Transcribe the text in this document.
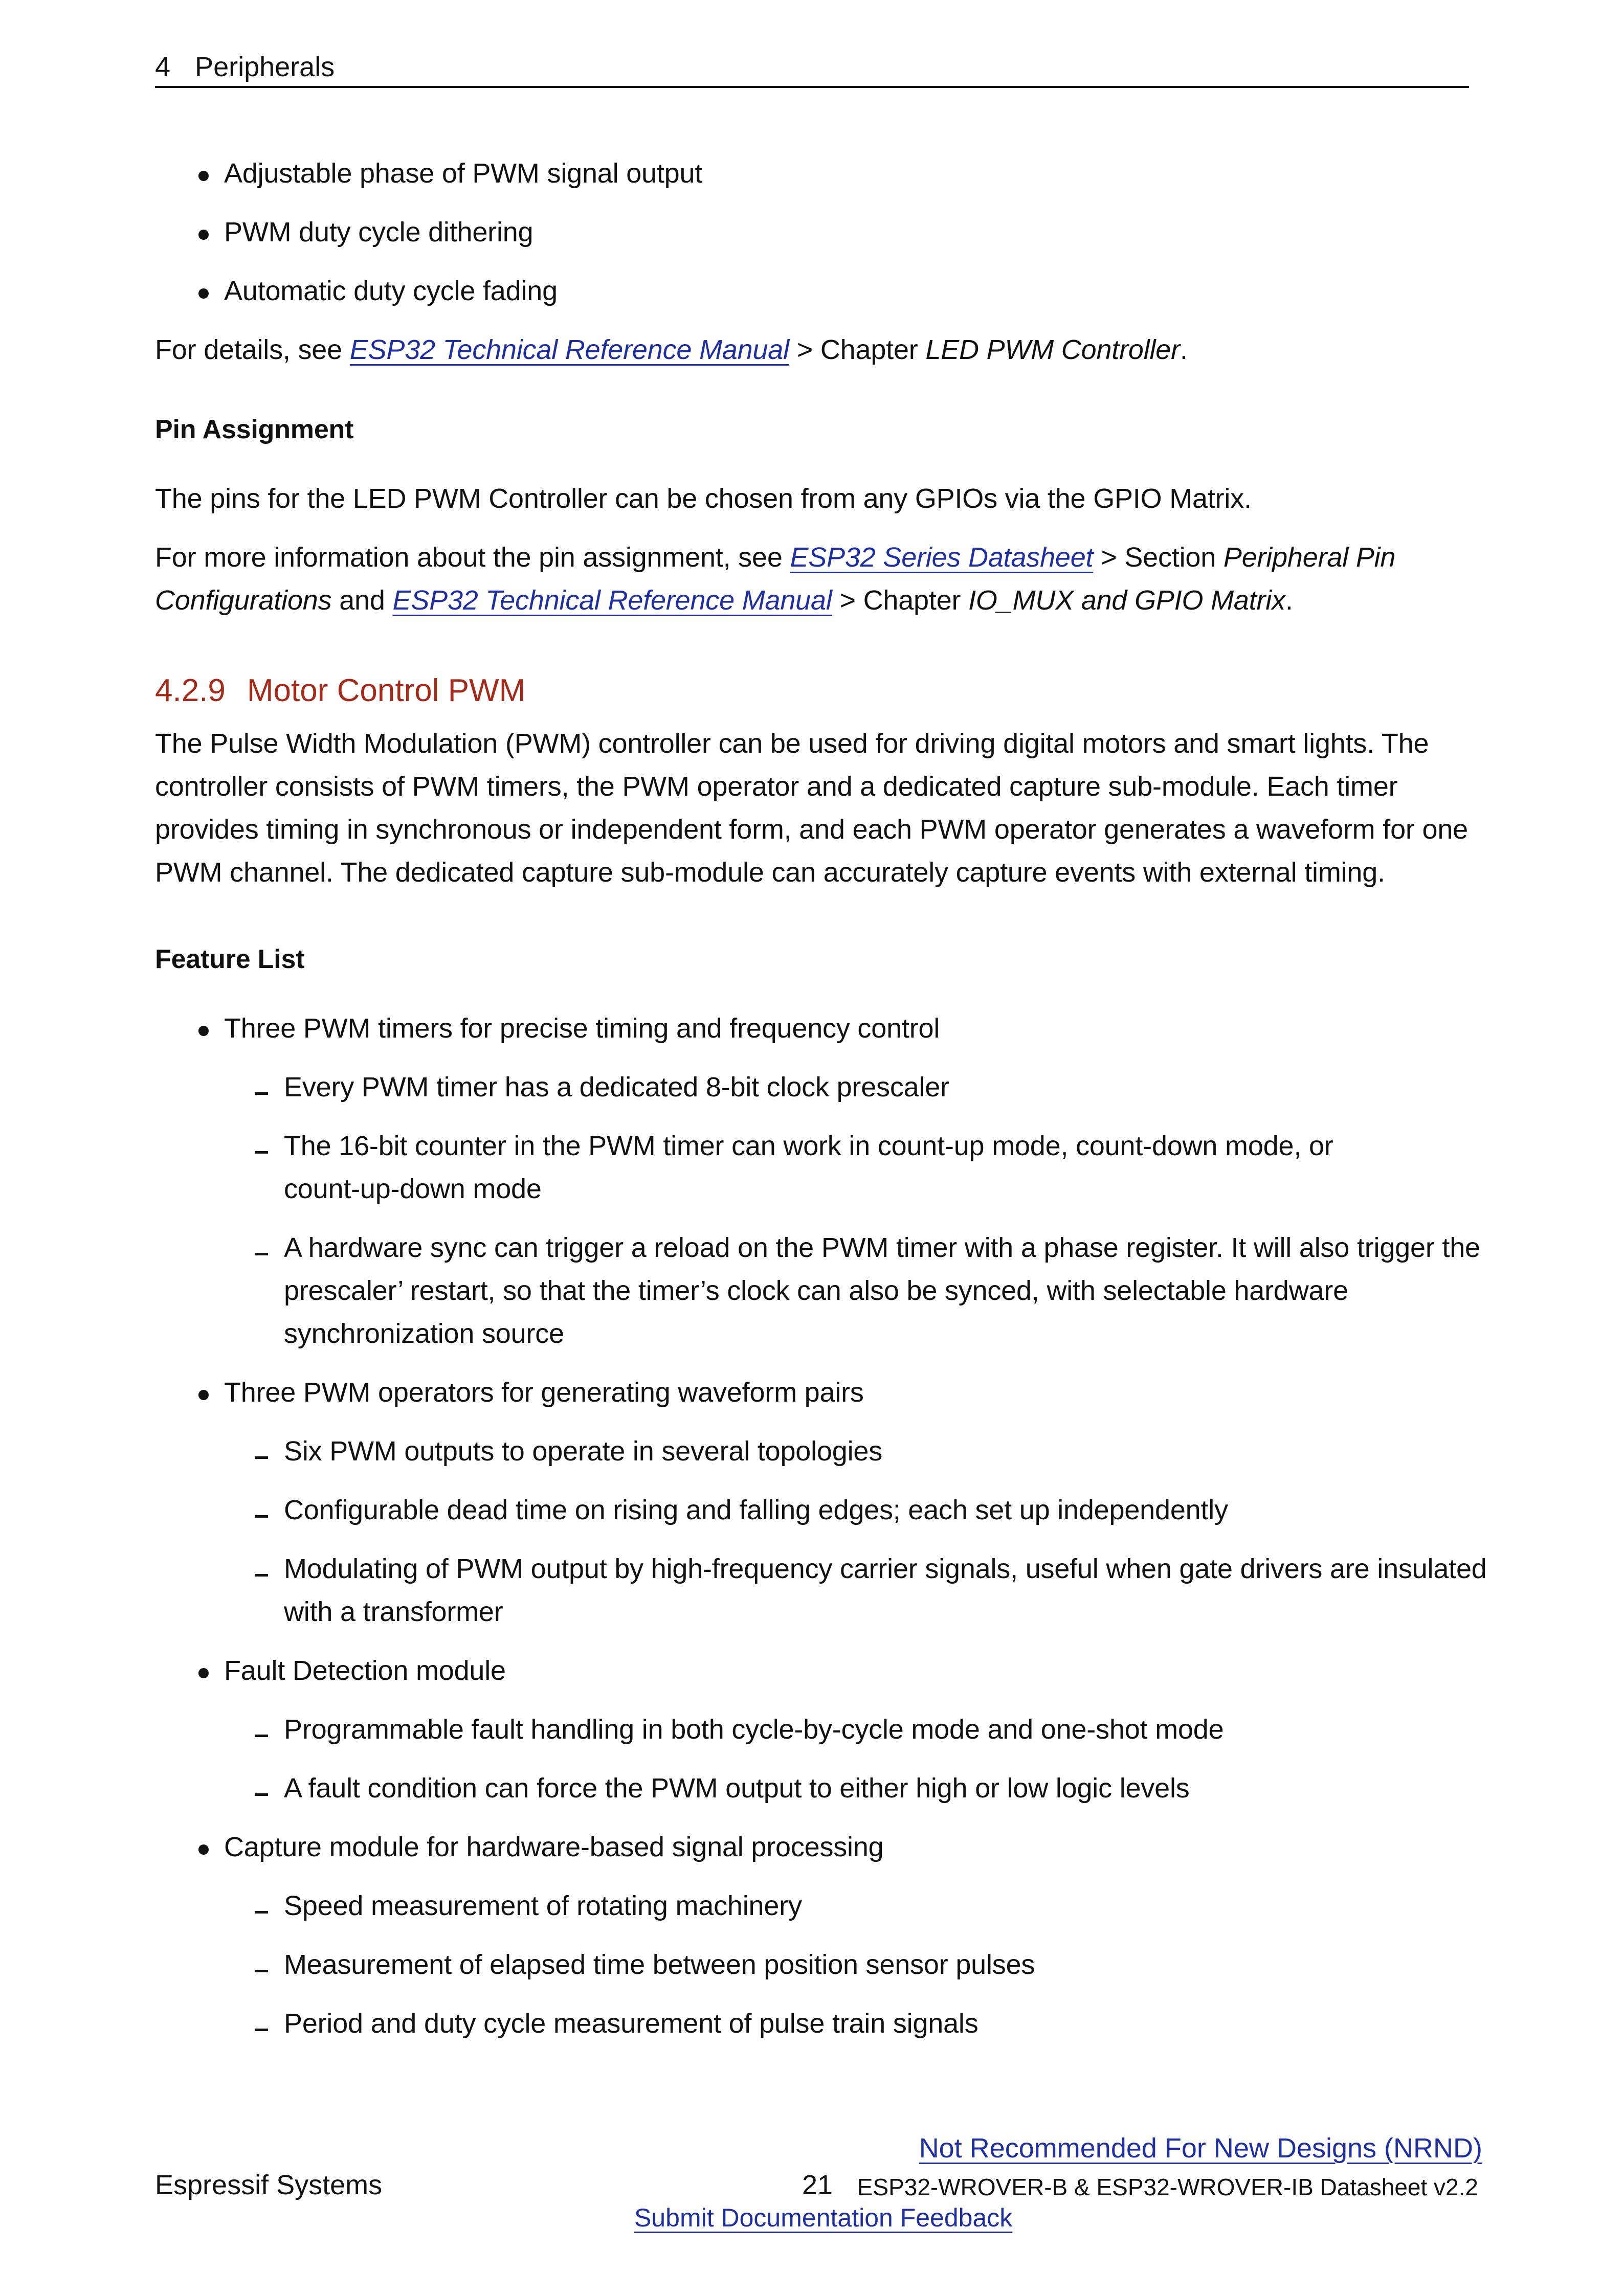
4 Peripherals
Adjustable phase of PWM signal output
PWM duty cycle dithering
Automatic duty cycle fading
For details, see ESP32 Technical Reference Manual > Chapter LED PWM Controller.
Pin Assignment
The pins for the LED PWM Controller can be chosen from any GPIOs via the GPIO Matrix.
For more information about the pin assignment, see ESP32 Series Datasheet > Section Peripheral Pin
Configurations and ESP32 Technical Reference Manual > Chapter IO_MUX and GPIO Matrix.
4.2.9 Motor Control PWM
The Pulse Width Modulation (PWM) controller can be used for driving digital motors and smart lights. The
controller consists of PWM timers, the PWM operator and a dedicated capture sub-module. Each timer
provides timing in synchronous or independent form, and each PWM operator generates a waveform for one
PWM channel. The dedicated capture sub-module can accurately capture events with external timing.
Feature List
Three PWM timers for precise timing and frequency control
Every PWM timer has a dedicated 8-bit clock prescaler
The 16-bit counter in the PWM timer can work in count-up mode, count-down mode, or
count-up-down mode
A hardware sync can trigger a reload on the PWM timer with a phase register. It will also trigger the
prescaler’ restart, so that the timer’s clock can also be synced, with selectable hardware
synchronization source
Three PWM operators for generating waveform pairs
Six PWM outputs to operate in several topologies
Configurable dead time on rising and falling edges; each set up independently
Modulating of PWM output by high-frequency carrier signals, useful when gate drivers are insulated
with a transformer
Fault Detection module
Programmable fault handling in both cycle-by-cycle mode and one-shot mode
A fault condition can force the PWM output to either high or low logic levels
Capture module for hardware-based signal processing
Speed measurement of rotating machinery
Measurement of elapsed time between position sensor pulses
Period and duty cycle measurement of pulse train signals
Not Recommended For New Designs (NRND)
Espressif Systems	21 ESP32-WROVER-B & ESP32-WROVER-IB Datasheet v2.2
Submit Documentation Feedback
